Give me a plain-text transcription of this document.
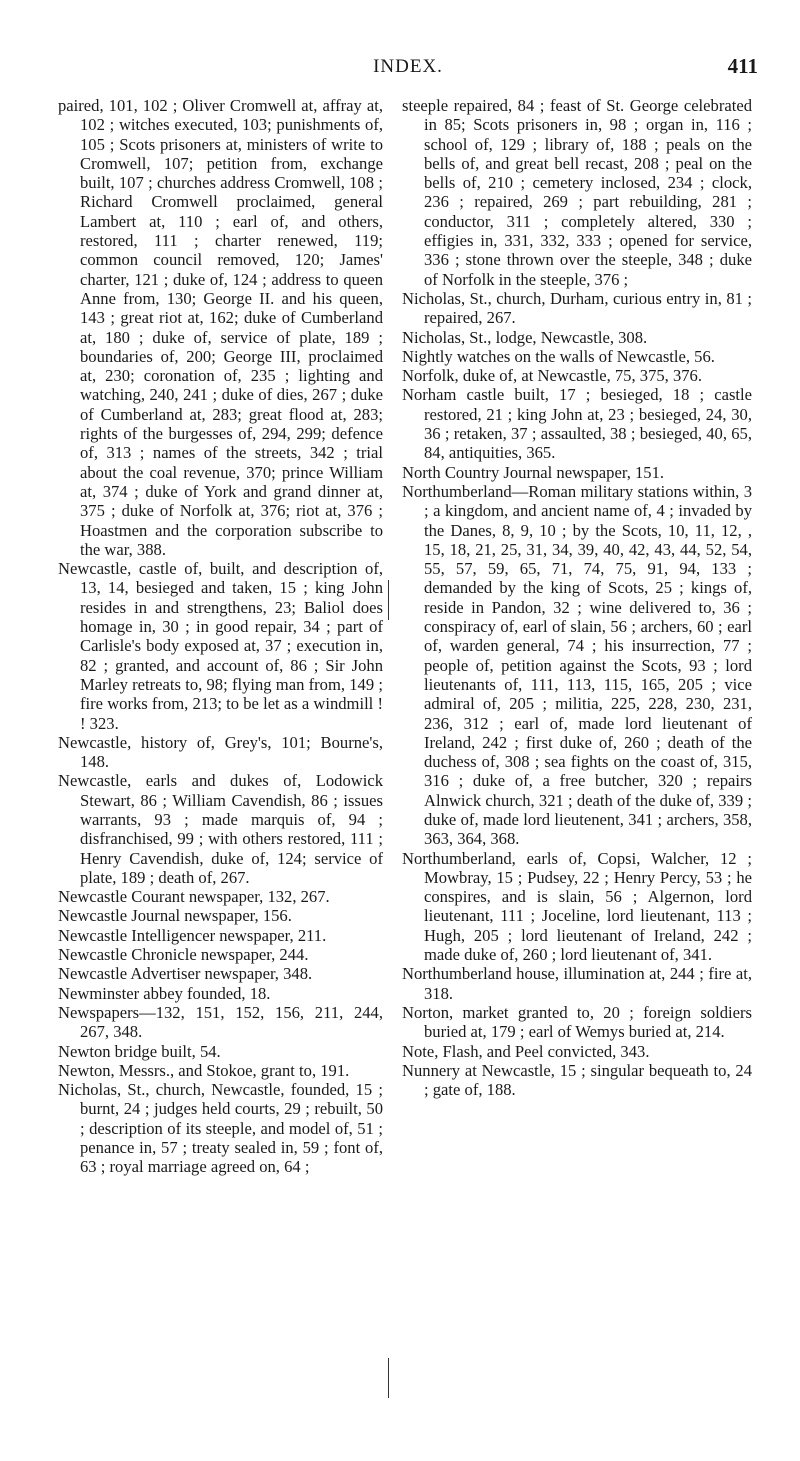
INDEX.	411

paired, 101, 102 ; Oliver Cromwell at, affray at, 102 ; witches executed, 103; punishments of, 105 ; Scots prisoners at, ministers of write to Cromwell, 107; petition from, exchange built, 107 ; churches address Cromwell, 108 ; Richard Cromwell proclaimed, general Lambert at, 110 ; earl of, and others, restored, 111 ; charter renewed, 119; common council removed, 120; James' charter, 121 ; duke of, 124 ; address to queen Anne from, 130; George II. and his queen, 143 ; great riot at, 162; duke of Cumberland at, 180 ; duke of, service of plate, 189 ; boundaries of, 200; George III, proclaimed at, 230; coronation of, 235 ; lighting and watching, 240, 241 ; duke of dies, 267 ; duke of Cumberland at, 283; great flood at, 283; rights of the burgesses of, 294, 299; defence of, 313 ; names of the streets, 342 ; trial about the coal revenue, 370; prince William at, 374 ; duke of York and grand dinner at, 375 ; duke of Norfolk at, 376; riot at, 376 ; Hoastmen and the corporation subscribe to the war, 388.

Newcastle, castle of, built, and description of, 13, 14, besieged and taken, 15 ; king John resides in and strengthens, 23; Baliol does homage in, 30 ; in good repair, 34 ; part of Carlisle's body exposed at, 37 ; execution in, 82 ; granted, and account of, 86 ; Sir John Marley retreats to, 98; flying man from, 149 ; fire works from, 213; to be let as a windmill ! ! 323.

Newcastle, history of, Grey's, 101; Bourne's, 148.

Newcastle, earls and dukes of, Lodowick Stewart, 86 ; William Cavendish, 86 ; issues warrants, 93 ; made marquis of, 94 ; disfranchised, 99 ; with others restored, 111 ; Henry Cavendish, duke of, 124; service of plate, 189 ; death of, 267.

Newcastle Courant newspaper, 132, 267.

Newcastle Journal newspaper, 156.

Newcastle Intelligencer newspaper, 211.

Newcastle Chronicle newspaper, 244.

Newcastle Advertiser newspaper, 348.

Newminster abbey founded, 18.

Newspapers—132, 151, 152, 156, 211, 244, 267, 348.

Newton bridge built, 54.

Newton, Messrs., and Stokoe, grant to, 191.

Nicholas, St., church, Newcastle, founded, 15 ; burnt, 24 ; judges held courts, 29 ; rebuilt, 50 ; description of its steeple, and model of, 51 ; penance in, 57 ; treaty sealed in, 59 ; font of, 63 ; royal marriage agreed on, 64 ;

steeple repaired, 84 ; feast of St. George celebrated in 85; Scots prisoners in, 98 ; organ in, 116 ; school of, 129 ; library of, 188 ; peals on the bells of, and great bell recast, 208 ; peal on the bells of, 210 ; cemetery inclosed, 234 ; clock, 236 ; repaired, 269 ; part rebuilding, 281 ; conductor, 311 ; completely altered, 330 ; effigies in, 331, 332, 333 ; opened for service, 336 ; stone thrown over the steeple, 348 ; duke of Norfolk in the steeple, 376 ;

Nicholas, St., church, Durham, curious entry in, 81 ; repaired, 267.

Nicholas, St., lodge, Newcastle, 308.

Nightly watches on the walls of Newcastle, 56.

Norfolk, duke of, at Newcastle, 75, 375, 376.

Norham castle built, 17 ; besieged, 18 ; castle restored, 21 ; king John at, 23 ; besieged, 24, 30, 36 ; retaken, 37 ; assaulted, 38 ; besieged, 40, 65, 84, antiquities, 365.

North Country Journal newspaper, 151.

Northumberland—Roman military stations within, 3 ; a kingdom, and ancient name of, 4 ; invaded by the Danes, 8, 9, 10 ; by the Scots, 10, 11, 12, , 15, 18, 21, 25, 31, 34, 39, 40, 42, 43, 44, 52, 54, 55, 57, 59, 65, 71, 74, 75, 91, 94, 133 ; demanded by the king of Scots, 25 ; kings of, reside in Pandon, 32 ; wine delivered to, 36 ; conspiracy of, earl of slain, 56 ; archers, 60 ; earl of, warden general, 74 ; his insurrection, 77 ; people of, petition against the Scots, 93 ; lord lieutenants of, 111, 113, 115, 165, 205 ; vice admiral of, 205 ; militia, 225, 228, 230, 231, 236, 312 ; earl of, made lord lieutenant of Ireland, 242 ; first duke of, 260 ; death of the duchess of, 308 ; sea fights on the coast of, 315, 316 ; duke of, a free butcher, 320 ; repairs Alnwick church, 321 ; death of the duke of, 339 ; duke of, made lord lieutenent, 341 ; archers, 358, 363, 364, 368.

Northumberland, earls of, Copsi, Walcher, 12 ; Mowbray, 15 ; Pudsey, 22 ; Henry Percy, 53 ; he conspires, and is slain, 56 ; Algernon, lord lieutenant, 111 ; Joceline, lord lieutenant, 113 ; Hugh, 205 ; lord lieutenant of Ireland, 242 ; made duke of, 260 ; lord lieutenant of, 341.

Northumberland house, illumination at, 244 ; fire at, 318.

Norton, market granted to, 20 ; foreign soldiers buried at, 179 ; earl of Wemys buried at, 214.

Note, Flash, and Peel convicted, 343.

Nunnery at Newcastle, 15 ; singular bequeath to, 24 ; gate of, 188.
